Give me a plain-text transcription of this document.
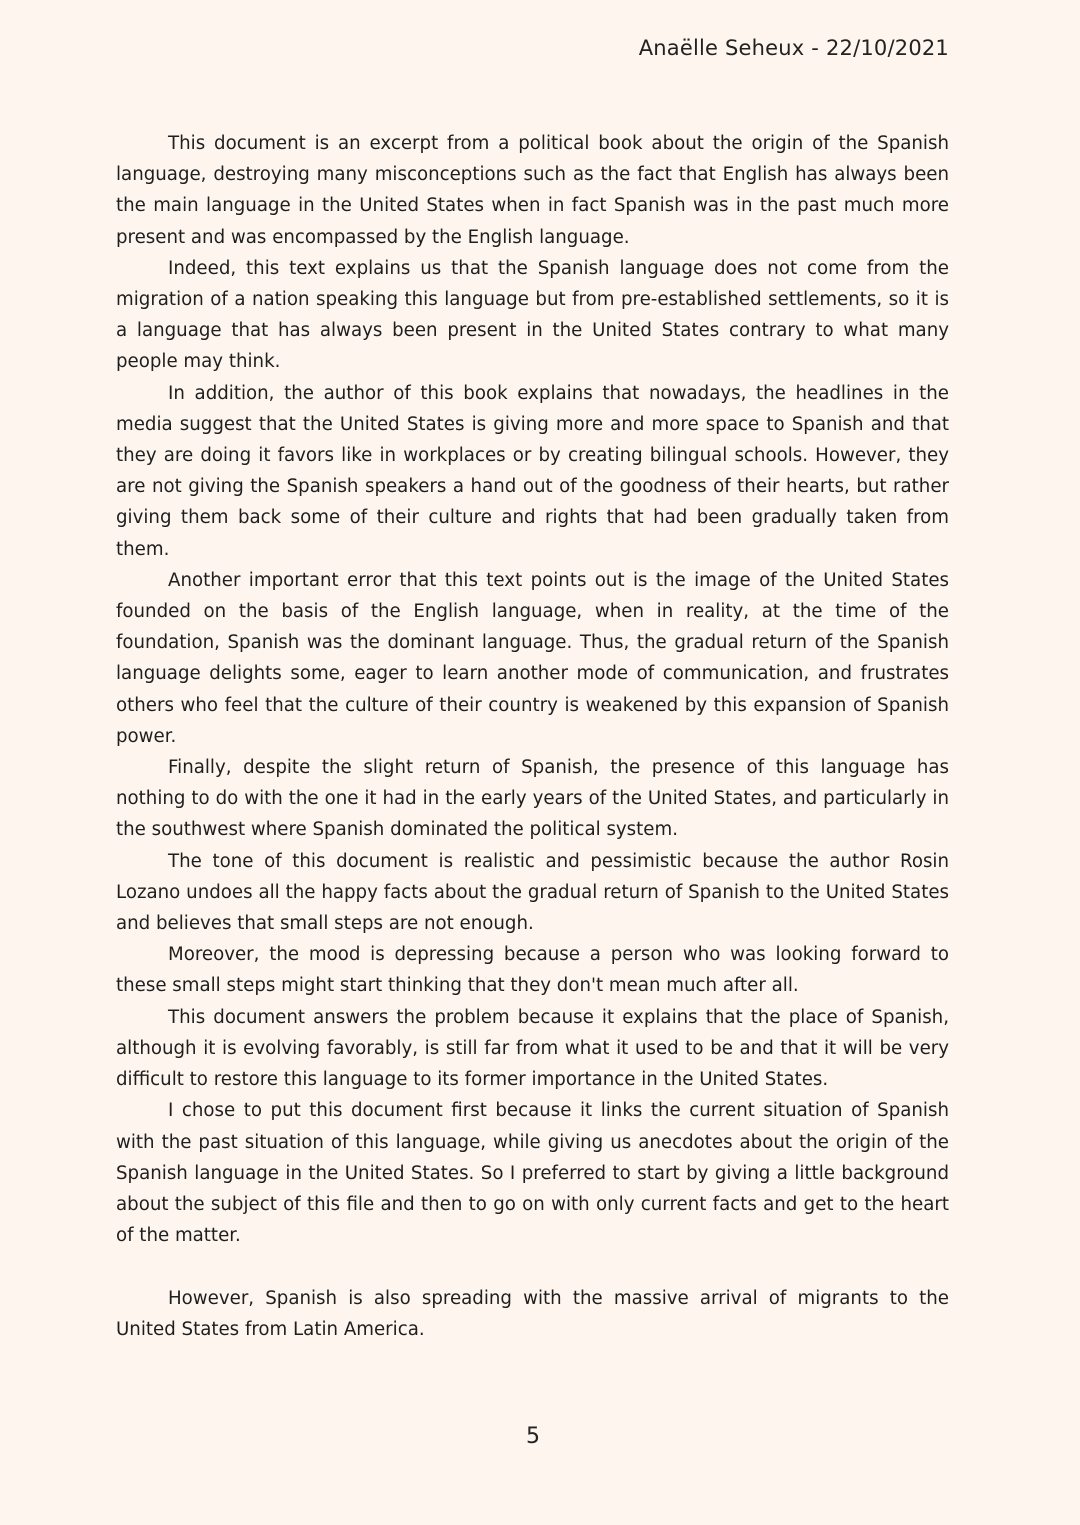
Anaëlle Seheux - 22/10/2021

This document is an excerpt from a political book about the origin of the Spanish language, destroying many misconceptions such as the fact that English has always been the main language in the United States when in fact Spanish was in the past much more present and was encompassed by the English language.

Indeed, this text explains us that the Spanish language does not come from the migration of a nation speaking this language but from pre-established settlements, so it is a language that has always been present in the United States contrary to what many people may think.

In addition, the author of this book explains that nowadays, the headlines in the media suggest that the United States is giving more and more space to Spanish and that they are doing it favors like in workplaces or by creating bilingual schools. However, they are not giving the Spanish speakers a hand out of the goodness of their hearts, but rather giving them back some of their culture and rights that had been gradually taken from them.

Another important error that this text points out is the image of the United States founded on the basis of the English language, when in reality, at the time of the foundation, Spanish was the dominant language. Thus, the gradual return of the Spanish language delights some, eager to learn another mode of communication, and frustrates others who feel that the culture of their country is weakened by this expansion of Spanish power.

Finally, despite the slight return of Spanish, the presence of this language has nothing to do with the one it had in the early years of the United States, and particularly in the southwest where Spanish dominated the political system.

The tone of this document is realistic and pessimistic because the author Rosin Lozano undoes all the happy facts about the gradual return of Spanish to the United States and believes that small steps are not enough.

Moreover, the mood is depressing because a person who was looking forward to these small steps might start thinking that they don't mean much after all.

This document answers the problem because it explains that the place of Spanish, although it is evolving favorably, is still far from what it used to be and that it will be very difficult to restore this language to its former importance in the United States.

I chose to put this document first because it links the current situation of Spanish with the past situation of this language, while giving us anecdotes about the origin of the Spanish language in the United States. So I preferred to start by giving a little background about the subject of this file and then to go on with only current facts and get to the heart of the matter.

However, Spanish is also spreading with the massive arrival of migrants to the United States from Latin America.

5
